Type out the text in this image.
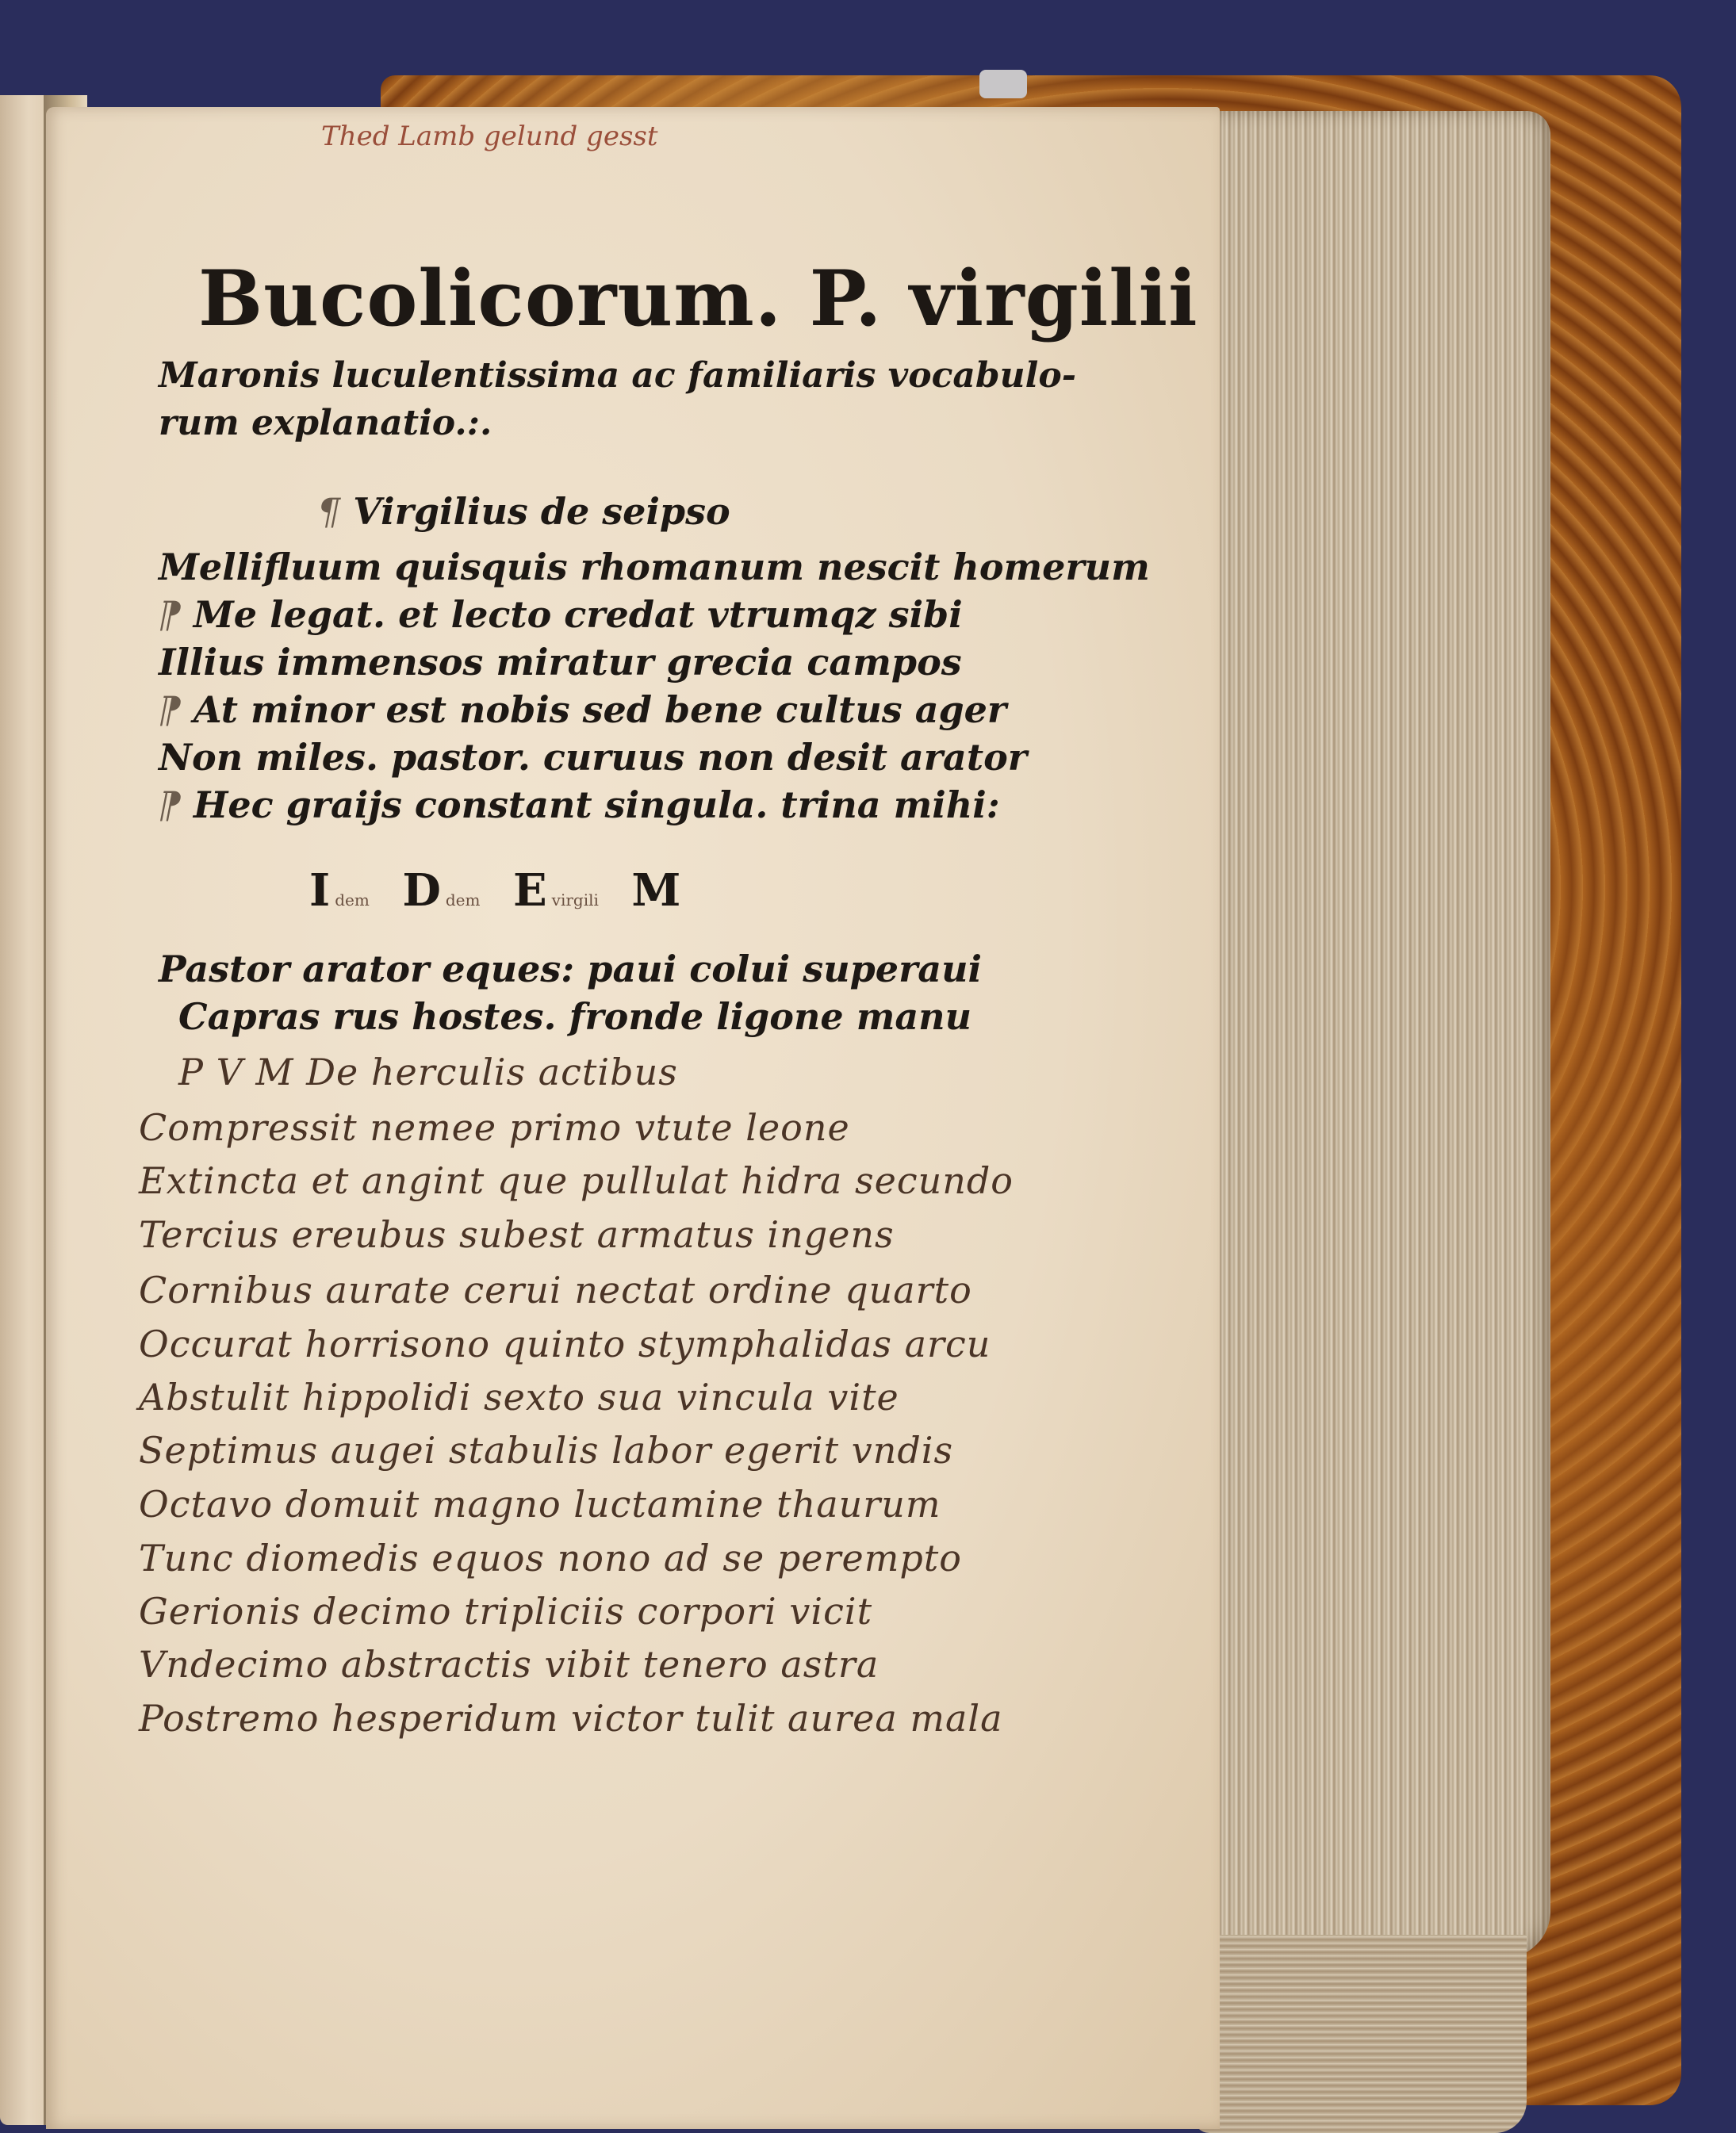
Thed Lamb gelund gesst
Bucolicorum. P. virgilii
Maronis luculentissima ac familiaris vocabulo-
rum explanatio.:.
¶ Virgilius de seipso
Mellifluum quisquis rhomanum nescit homerum
⁋ Me legat. et lecto credat vtrumqz sibi
Illius immensos miratur grecia campos
⁋ At minor est nobis sed bene cultus ager
Non miles. pastor. curuus non desit arator
⁋ Hec graijs constant singula. trina mihi:
Idem D dem E virgili M
Pastor arator eques: paui colui superaui
Capras rus hostes. fronde ligone manu
P V M De herculis actibus
Compressit nemee primo vtute leone
Extincta et angint que pullulat hidra secundo
Tercius ereubus subest armatus ingens
Cornibus aurate cerui nectat ordine quarto
Occurat horrisono quinto stymphalidas arcu
Abstulit hippolidi sexto sua vincula vite
Septimus augei stabulis labor egerit vndis
Octavo domuit magno luctamine thaurum
Tunc diomedis equos nono ad se perempto
Gerionis decimo tripliciis corpori vicit
Vndecimo abstractis vibit tenero astra
Postremo hesperidum victor tulit aurea mala
